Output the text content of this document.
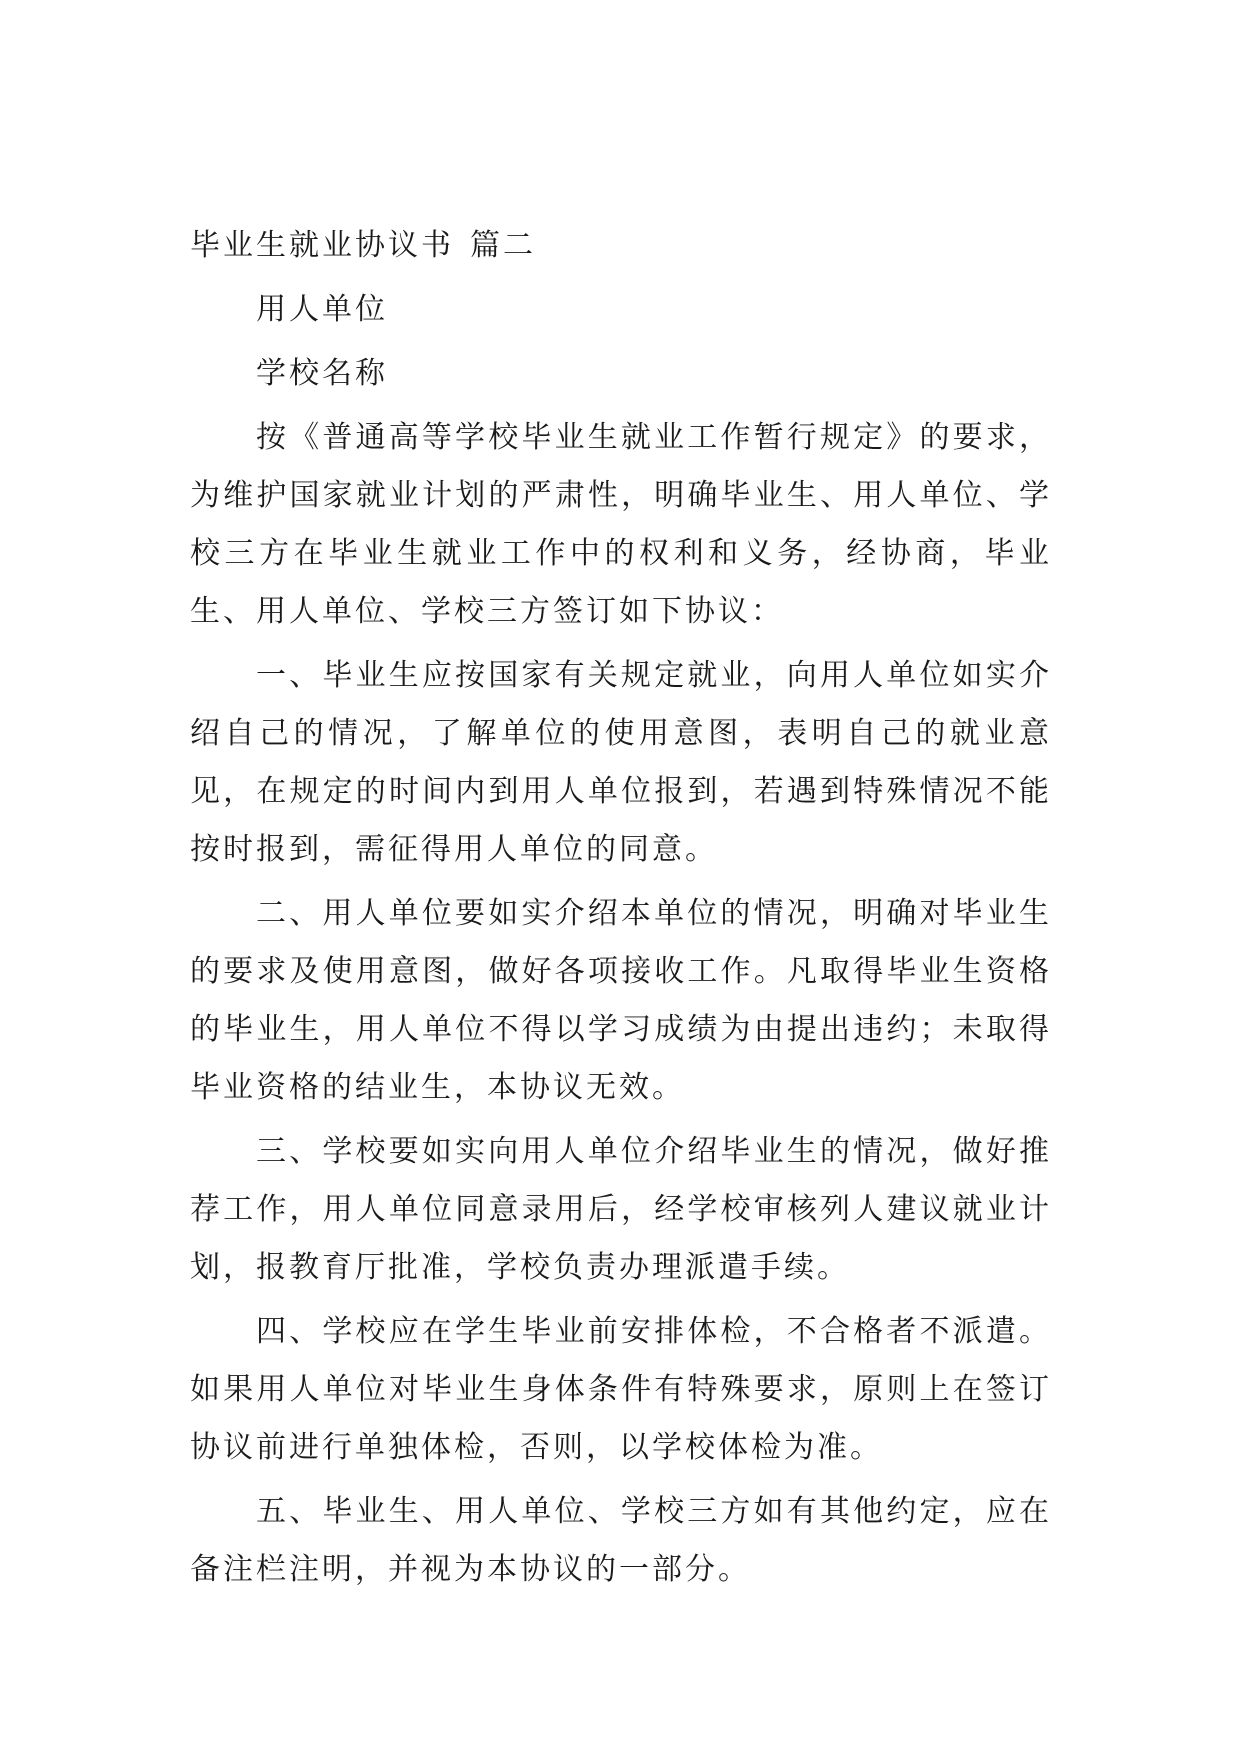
毕业生就业协议书 篇二
用人单位
学校名称
按《普通高等学校毕业生就业工作暂行规定》的要求，为维护国家就业计划的严肃性，明确毕业生、用人单位、学校三方在毕业生就业工作中的权利和义务，经协商，毕业生、用人单位、学校三方签订如下协议：
一、毕业生应按国家有关规定就业，向用人单位如实介绍自己的情况，了解单位的使用意图，表明自己的就业意见，在规定的时间内到用人单位报到，若遇到特殊情况不能按时报到，需征得用人单位的同意。
二、用人单位要如实介绍本单位的情况，明确对毕业生的要求及使用意图，做好各项接收工作。凡取得毕业生资格的毕业生，用人单位不得以学习成绩为由提出违约；未取得毕业资格的结业生，本协议无效。
三、学校要如实向用人单位介绍毕业生的情况，做好推荐工作，用人单位同意录用后，经学校审核列人建议就业计划，报教育厅批准，学校负责办理派遣手续。
四、学校应在学生毕业前安排体检，不合格者不派遣。如果用人单位对毕业生身体条件有特殊要求，原则上在签订协议前进行单独体检，否则，以学校体检为准。
五、毕业生、用人单位、学校三方如有其他约定，应在备注栏注明，并视为本协议的一部分。
